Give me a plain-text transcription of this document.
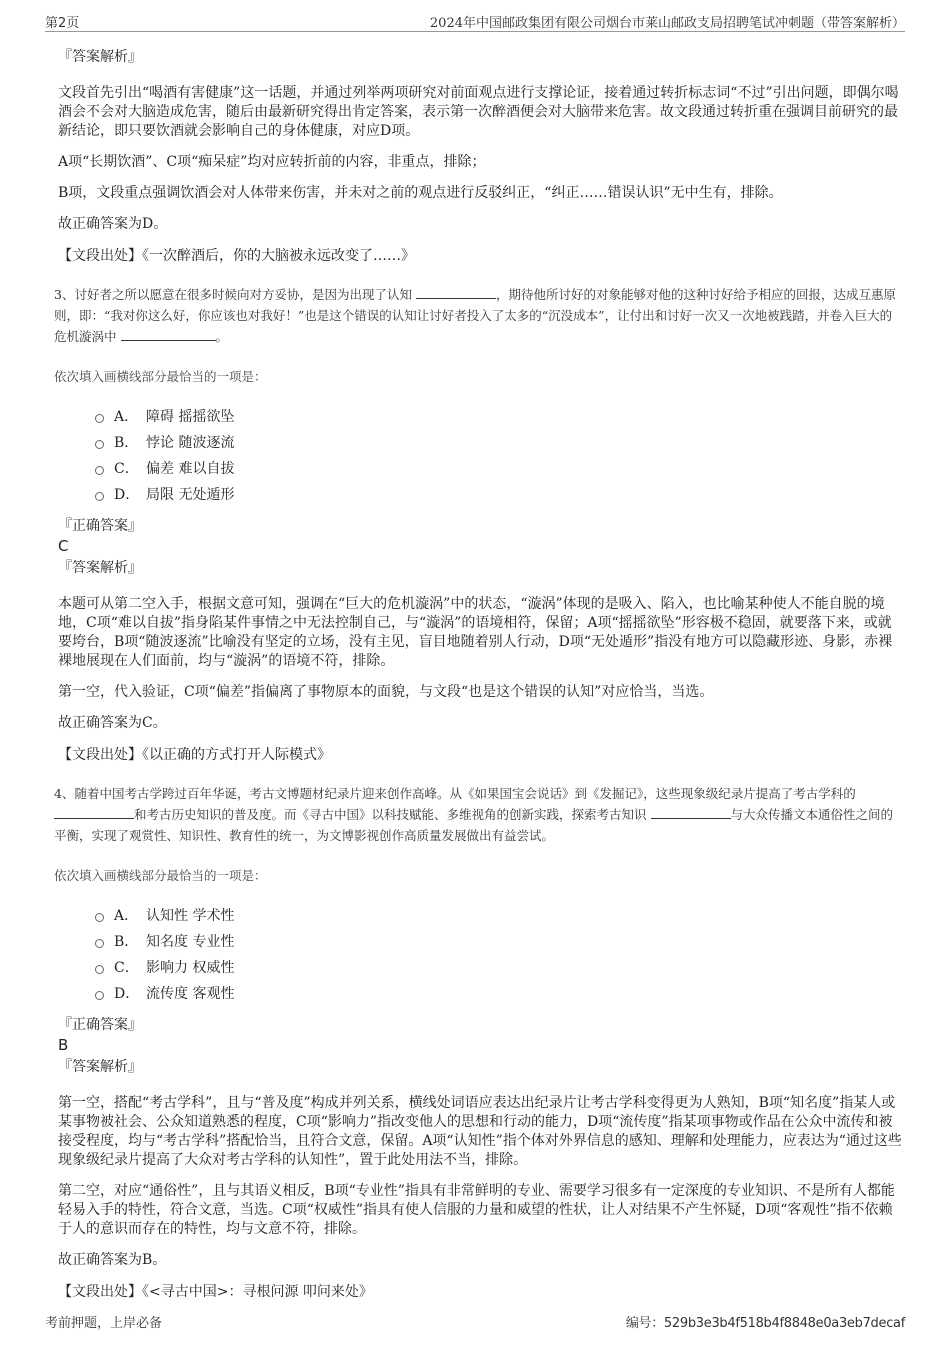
第2页	2024年中国邮政集团有限公司烟台市莱山邮政支局招聘笔试冲刺题（带答案解析）

『答案解析』

文段首先引出“喝酒有害健康”这一话题，并通过列举两项研究对前面观点进行支撑论证，接着通过转折标志词“不过”引出问题，即偶尔喝酒会不会对大脑造成危害，随后由最新研究得出肯定答案，表示第一次醉酒便会对大脑带来危害。故文段通过转折重在强调目前研究的最新结论，即只要饮酒就会影响自己的身体健康，对应D项。

A项“长期饮酒”、C项“痴呆症”均对应转折前的内容，非重点，排除；

B项，文段重点强调饮酒会对人体带来伤害，并未对之前的观点进行反驳纠正，“纠正……错误认识”无中生有，排除。

故正确答案为D。

【文段出处】《一次醉酒后，你的大脑被永远改变了……》

3、讨好者之所以愿意在很多时候向对方妥协，是因为出现了认知	，期待他所讨好的对象能够对他的这种讨好给予相应的回报，达成互惠原则，即：“我对你这么好，你应该也对我好！”也是这个错误的认知让讨好者投入了太多的“沉没成本”，让付出和讨好一次又一次地被践踏，并卷入巨大的危机漩涡中	。

依次填入画横线部分最恰当的一项是：

A． 障碍 摇摇欲坠
B． 悖论 随波逐流
C． 偏差 难以自拔
D． 局限 无处遁形

『正确答案』

C

『答案解析』

本题可从第二空入手，根据文意可知，强调在“巨大的危机漩涡”中的状态，“漩涡”体现的是吸入、陷入，也比喻某种使人不能自脱的境地，C项“难以自拔”指身陷某件事情之中无法控制自己，与“漩涡”的语境相符，保留；A项“摇摇欲坠”形容极不稳固，就要落下来，或就要垮台，B项“随波逐流”比喻没有坚定的立场，没有主见，盲目地随着别人行动，D项“无处遁形”指没有地方可以隐藏形迹、身影，赤裸裸地展现在人们面前，均与“漩涡”的语境不符，排除。

第一空，代入验证，C项“偏差”指偏离了事物原本的面貌，与文段“也是这个错误的认知”对应恰当，当选。

故正确答案为C。

【文段出处】《以正确的方式打开人际模式》

4、随着中国考古学跨过百年华诞，考古文博题材纪录片迎来创作高峰。从《如果国宝会说话》到《发掘记》，这些现象级纪录片提高了考古学科的 和考古历史知识的普及度。而《寻古中国》以科技赋能、多维视角的创新实践，探索考古知识	与大众传播文本通俗性之间的平衡，实现了观赏性、知识性、教育性的统一，为文博影视创作高质量发展做出有益尝试。

依次填入画横线部分最恰当的一项是：

A． 认知性 学术性
B． 知名度 专业性
C． 影响力 权威性
D． 流传度 客观性

『正确答案』

B

『答案解析』

第一空，搭配“考古学科”，且与“普及度”构成并列关系，横线处词语应表达出纪录片让考古学科变得更为人熟知，B项“知名度”指某人或某事物被社会、公众知道熟悉的程度，C项“影响力”指改变他人的思想和行动的能力，D项“流传度”指某项事物或作品在公众中流传和被接受程度，均与“考古学科”搭配恰当，且符合文意，保留。A项“认知性”指个体对外界信息的感知、理解和处理能力，应表达为“通过这些现象级纪录片提高了大众对考古学科的认知性”，置于此处用法不当，排除。

第二空，对应“通俗性”，且与其语义相反，B项“专业性”指具有非常鲜明的专业、需要学习很多有一定深度的专业知识、不是所有人都能轻易入手的特性，符合文意，当选。C项“权威性”指具有使人信服的力量和威望的性状，让人对结果不产生怀疑，D项“客观性”指不依赖于人的意识而存在的特性，均与文意不符，排除。

故正确答案为B。

【文段出处】《<寻古中国>：寻根问源 叩问来处》

考前押题，上岸必备	编号：529b3e3b4f518b4f8848e0a3eb7decaf
